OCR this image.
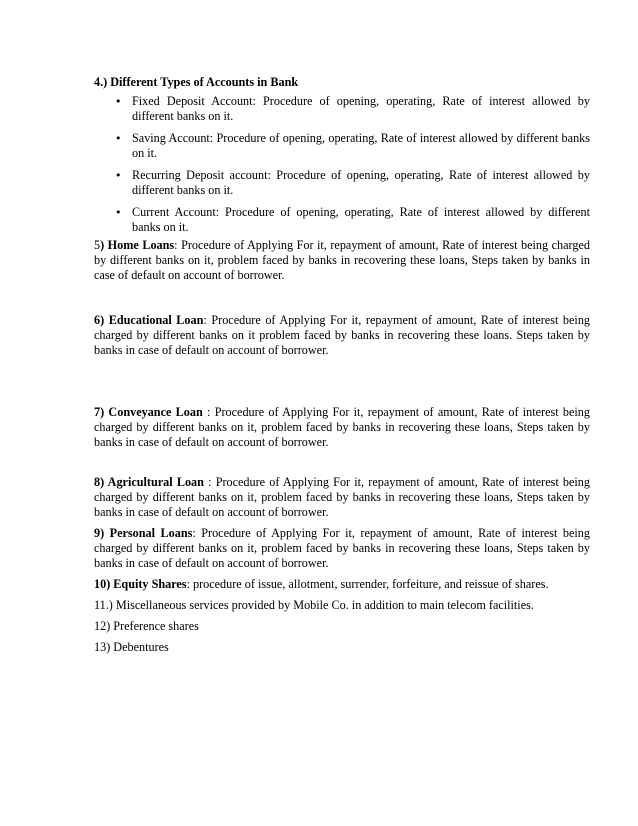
4.) Different Types of Accounts in Bank

• Fixed Deposit Account: Procedure of opening, operating, Rate of interest allowed by different banks on it.
• Saving Account: Procedure of opening, operating, Rate of interest allowed by different banks on it.
• Recurring Deposit account: Procedure of opening, operating, Rate of interest allowed by different banks on it.
• Current Account: Procedure of opening, operating, Rate of interest allowed by different banks on it.

5) Home Loans: Procedure of Applying For it, repayment of amount, Rate of interest being charged by different banks on it, problem faced by banks in recovering these loans, Steps taken by banks in case of default on account of borrower.

6) Educational Loan: Procedure of Applying For it, repayment of amount, Rate of interest being charged by different banks on it problem faced by banks in recovering these loans. Steps taken by banks in case of default on account of borrower.

7) Conveyance Loan : Procedure of Applying For it, repayment of amount, Rate of interest being charged by different banks on it, problem faced by banks in recovering these loans, Steps taken by banks in case of default on account of borrower.

8) Agricultural Loan : Procedure of Applying For it, repayment of amount, Rate of interest being charged by different banks on it, problem faced by banks in recovering these loans, Steps taken by banks in case of default on account of borrower.

9) Personal Loans: Procedure of Applying For it, repayment of amount, Rate of interest being charged by different banks on it, problem faced by banks in recovering these loans, Steps taken by banks in case of default on account of borrower.

10) Equity Shares: procedure of issue, allotment, surrender, forfeiture, and reissue of shares.

11.) Miscellaneous services provided by Mobile Co. in addition to main telecom facilities.

12) Preference shares

13) Debentures
